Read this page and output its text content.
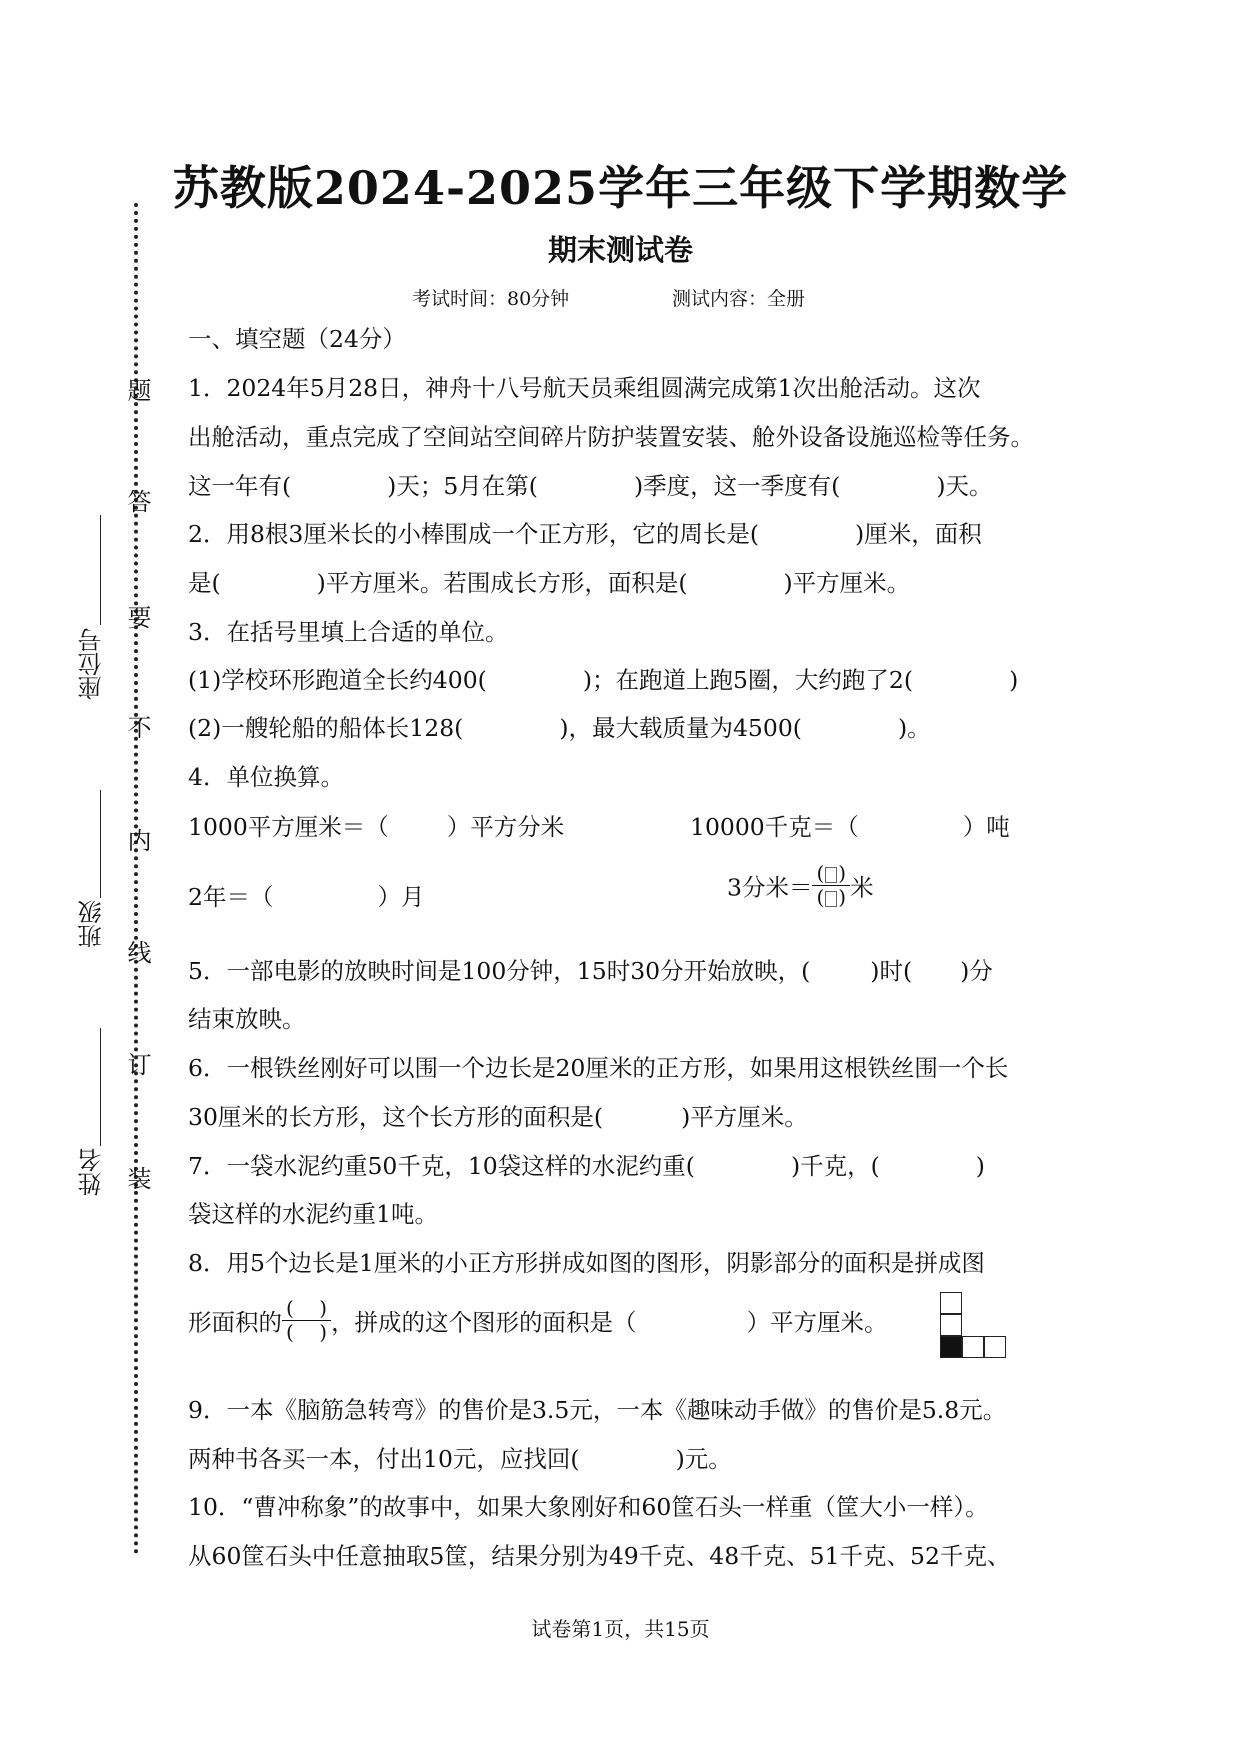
题
答
要
不
内
线
订
装
座位号
班级
姓名
苏教版2024-2025学年三年级下学期数学
期末测试卷
考试时间：80分钟	测试内容：全册
一、填空题（24分）
1．2024年5月28日，神舟十八号航天员乘组圆满完成第1次出舱活动。这次
出舱活动，重点完成了空间站空间碎片防护装置安装、舱外设备设施巡检等任务。
这一年有(	)天；5月在第(	)季度，这一季度有(	)天。
2．用8根3厘米长的小棒围成一个正方形，它的周长是(	)厘米，面积
是(	)平方厘米。若围成长方形，面积是(	)平方厘米。
3．在括号里填上合适的单位。
(1)学校环形跑道全长约400(	)；在跑道上跑5圈，大约跑了2(	)
(2)一艘轮船的船体长128(	)，最大载质量为4500(	)。
4．单位换算。
1000平方厘米＝（ ）平方分米	10000千克＝（	）吨
2年＝（	）月	3分米＝ $\frac{( )}{( )}$ 米
5．一部电影的放映时间是100分钟，15时30分开始放映，(	)时( )分
结束放映。
6．一根铁丝刚好可以围一个边长是20厘米的正方形，如果用这根铁丝围一个长
30厘米的长方形，这个长方形的面积是(	)平方厘米。
7．一袋水泥约重50千克，10袋这样的水泥约重(	)千克，(	)
袋这样的水泥约重1吨。
8．用5个边长是1厘米的小正方形拼成如图的图形，阴影部分的面积是拼成图
形面积的 $\frac{( )}{( )}$ ，拼成的这个图形的面积是（	）平方厘米。
9．一本《脑筋急转弯》的售价是3.5元，一本《趣味动手做》的售价是5.8元。
两种书各买一本，付出10元，应找回(	)元。
10．“曹冲称象”的故事中，如果大象刚好和60筐石头一样重（筐大小一样）。
从60筐石头中任意抽取5筐，结果分别为49千克、48千克、51千克、52千克、
试卷第1页，共15页
